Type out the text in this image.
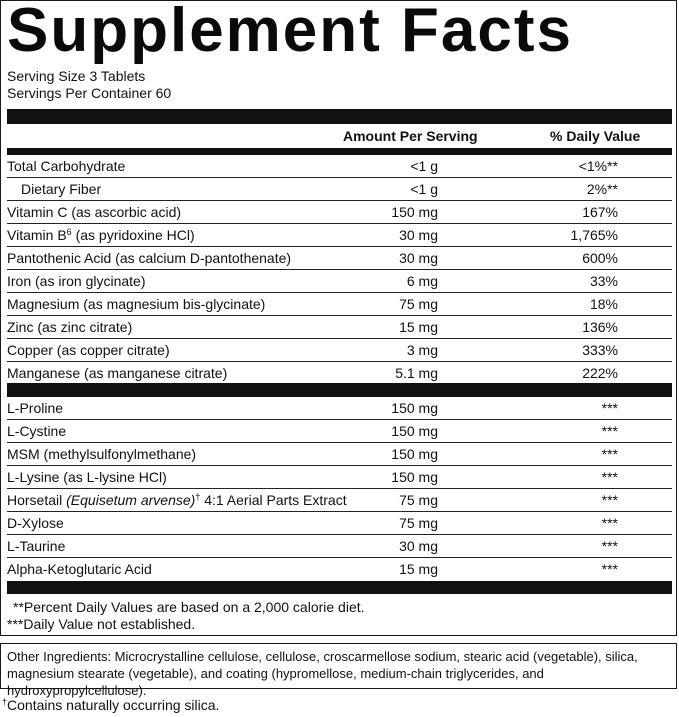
Supplement Facts
Serving Size 3 Tablets
Servings Per Container 60
Amount Per Serving	% Daily Value
Total Carbohydrate	<1 g	<1%**
Dietary Fiber	<1 g	2%**
Vitamin C (as ascorbic acid)	150 mg	167%
Vitamin $B^6$ (as pyridoxine HCl)	30 mg	1,765%
Pantothenic Acid (as calcium D-pantothenate)	30 mg	600%
Iron (as iron glycinate)	6 mg	33%
Magnesium (as magnesium bis-glycinate)	75 mg	18%
Zinc (as zinc citrate)	15 mg	136%
Copper (as copper citrate)	3 mg	333%
Manganese (as manganese citrate)	5.1 mg	222%
L-Proline	150 mg	***
L-Cystine	150 mg	***
MSM (methylsulfonylmethane)	150 mg	***
L-Lysine (as L-lysine HCl)	150 mg	***
Horsetail (Equisetum arvense)† 4:1 Aerial Parts Extract	75 mg	***
D-Xylose	75 mg	***
L-Taurine	30 mg	***
Alpha-Ketoglutaric Acid	15 mg	***
**Percent Daily Values are based on a 2,000 calorie diet.
***Daily Value not established.
Other Ingredients: Microcrystalline cellulose, cellulose, croscarmellose sodium, stearic acid (vegetable), silica, magnesium stearate (vegetable), and coating (hypromellose, medium-chain triglycerides, and hydroxypropylcellulose).
†Contains naturally occurring silica.
